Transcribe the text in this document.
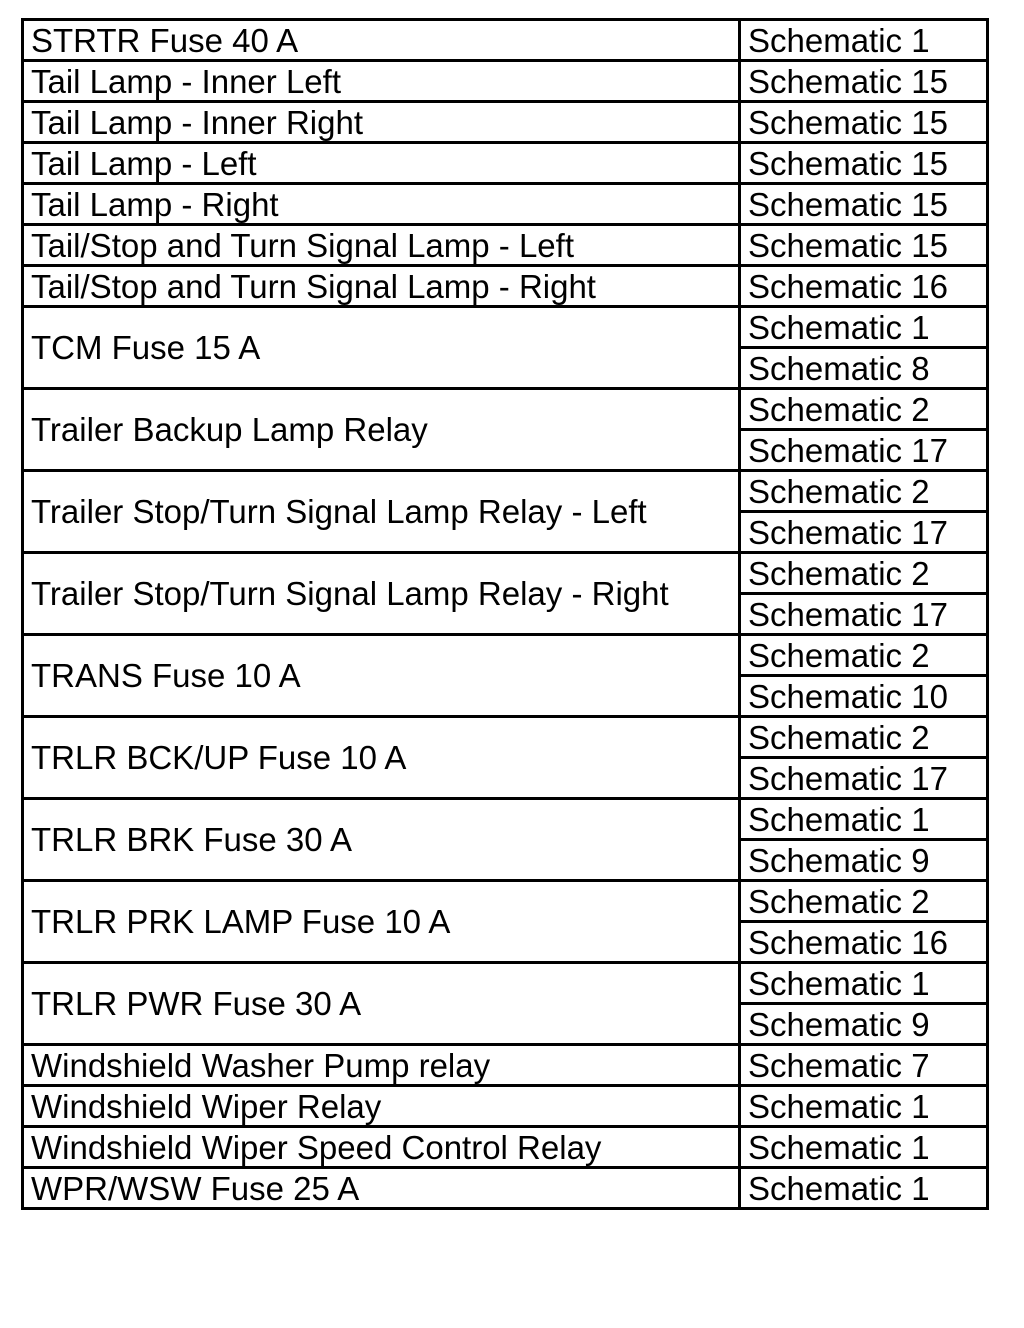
STRTR Fuse 40 A	Schematic 1
Tail Lamp - Inner Left	Schematic 15
Tail Lamp - Inner Right	Schematic 15
Tail Lamp - Left	Schematic 15
Tail Lamp - Right	Schematic 15
Tail/Stop and Turn Signal Lamp - Left	Schematic 15
Tail/Stop and Turn Signal Lamp - Right	Schematic 16
TCM Fuse 15 A	Schematic 1
	Schematic 8
Trailer Backup Lamp Relay	Schematic 2
	Schematic 17
Trailer Stop/Turn Signal Lamp Relay - Left	Schematic 2
	Schematic 17
Trailer Stop/Turn Signal Lamp Relay - Right	Schematic 2
	Schematic 17
TRANS Fuse 10 A	Schematic 2
	Schematic 10
TRLR BCK/UP Fuse 10 A	Schematic 2
	Schematic 17
TRLR BRK Fuse 30 A	Schematic 1
	Schematic 9
TRLR PRK LAMP Fuse 10 A	Schematic 2
	Schematic 16
TRLR PWR Fuse 30 A	Schematic 1
	Schematic 9
Windshield Washer Pump relay	Schematic 7
Windshield Wiper Relay	Schematic 1
Windshield Wiper Speed Control Relay	Schematic 1
WPR/WSW Fuse 25 A	Schematic 1
